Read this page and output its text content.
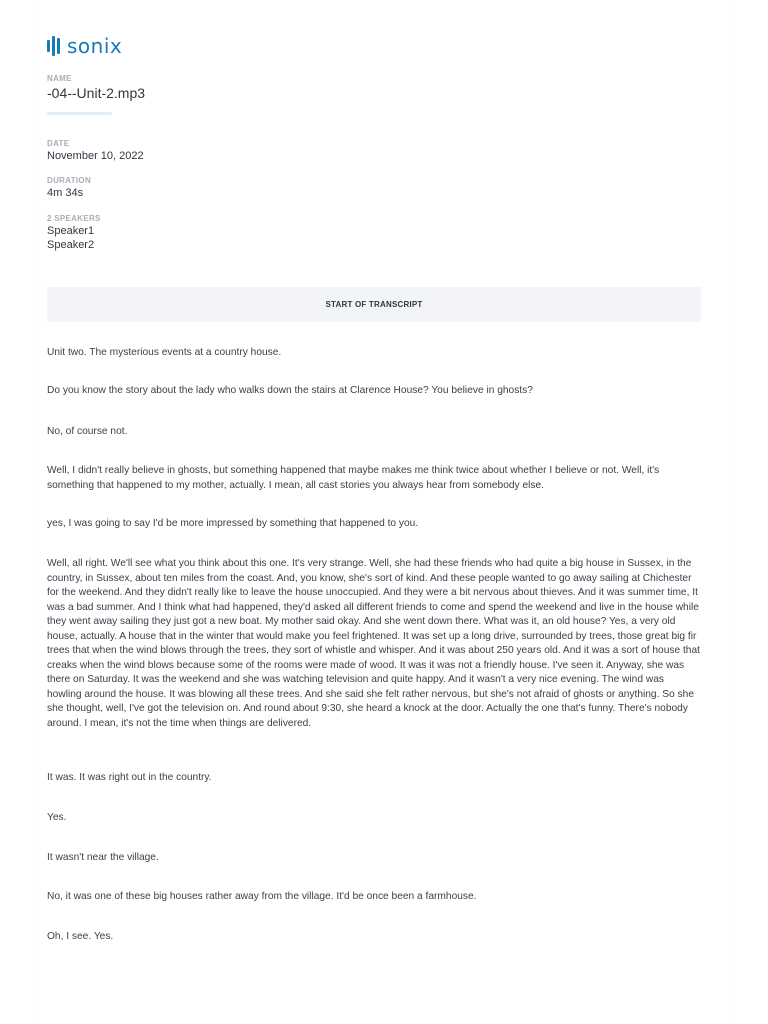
sonix
NAME
-04--Unit-2.mp3
DATE
November 10, 2022
DURATION
4m 34s
2 SPEAKERS
Speaker1
Speaker2
START OF TRANSCRIPT

Unit two. The mysterious events at a country house.

Do you know the story about the lady who walks down the stairs at Clarence House? You believe in ghosts?

No, of course not.

Well, I didn't really believe in ghosts, but something happened that maybe makes me think twice about whether I believe or not. Well, it's something that happened to my mother, actually. I mean, all cast stories you always hear from somebody else.

yes, I was going to say I'd be more impressed by something that happened to you.

Well, all right. We'll see what you think about this one. It's very strange. Well, she had these friends who had quite a big house in Sussex, in the country, in Sussex, about ten miles from the coast. And, you know, she's sort of kind. And these people wanted to go away sailing at Chichester for the weekend. And they didn't really like to leave the house unoccupied. And they were a bit nervous about thieves. And it was summer time, It was a bad summer. And I think what had happened, they'd asked all different friends to come and spend the weekend and live in the house while they went away sailing they just got a new boat. My mother said okay. And she went down there. What was it, an old house? Yes, a very old house, actually. A house that in the winter that would make you feel frightened. It was set up a long drive, surrounded by trees, those great big fir trees that when the wind blows through the trees, they sort of whistle and whisper. And it was about 250 years old. And it was a sort of house that creaks when the wind blows because some of the rooms were made of wood. It was it was not a friendly house. I've seen it. Anyway, she was there on Saturday. It was the weekend and she was watching television and quite happy. And it wasn't a very nice evening. The wind was howling around the house. It was blowing all these trees. And she said she felt rather nervous, but she's not afraid of ghosts or anything. So she she thought, well, I've got the television on. And round about 9:30, she heard a knock at the door. Actually the one that's funny. There's nobody around. I mean, it's not the time when things are delivered.

It was. It was right out in the country.

Yes.

It wasn't near the village.

No, it was one of these big houses rather away from the village. It'd be once been a farmhouse.

Oh, I see. Yes.
